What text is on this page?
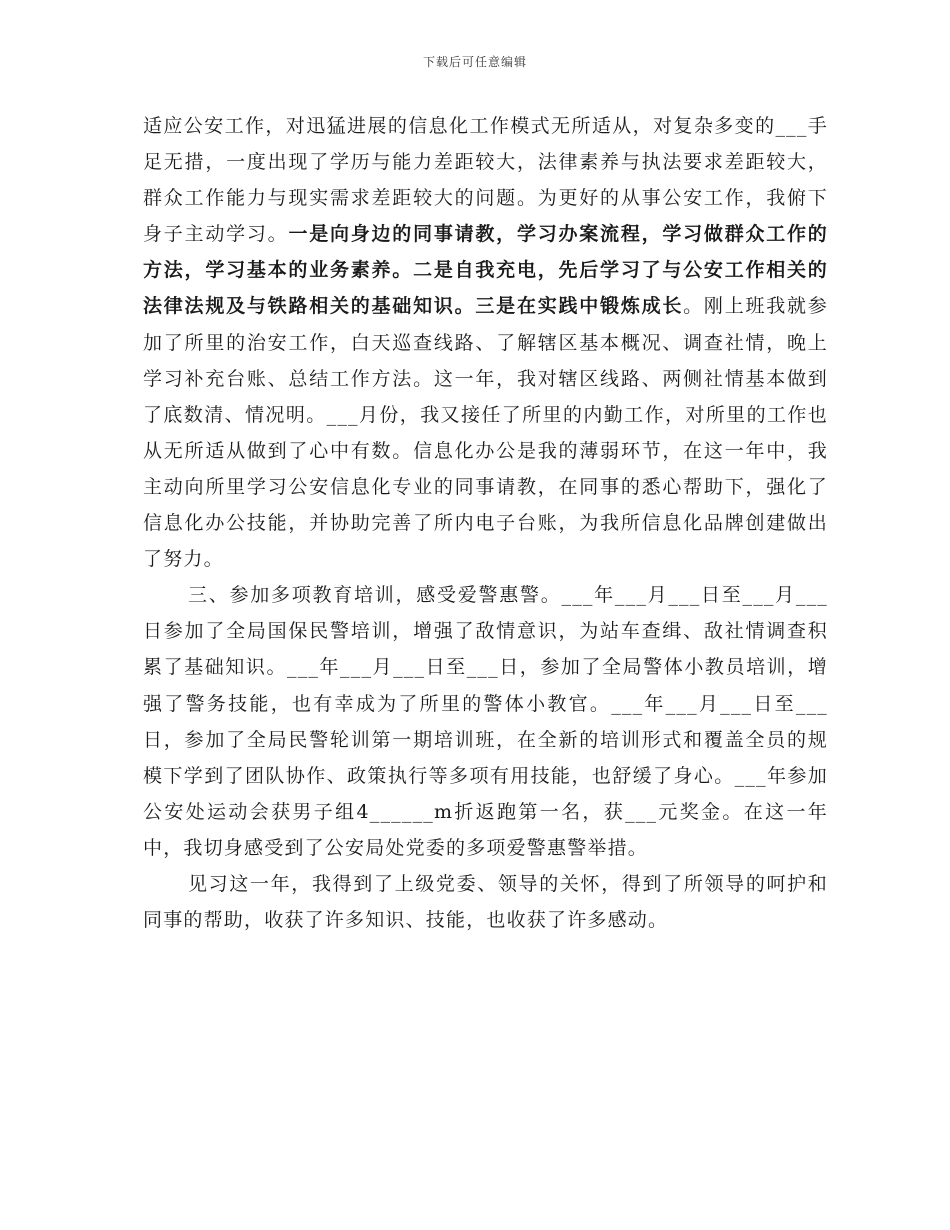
下载后可任意编辑

适应公安工作，对迅猛进展的信息化工作模式无所适从，对复杂多变的___手足无措，一度出现了学历与能力差距较大，法律素养与执法要求差距较大，群众工作能力与现实需求差距较大的问题。为更好的从事公安工作，我俯下身子主动学习。一是向身边的同事请教，学习办案流程，学习做群众工作的方法，学习基本的业务素养。二是自我充电，先后学习了与公安工作相关的法律法规及与铁路相关的基础知识。三是在实践中锻炼成长。刚上班我就参加了所里的治安工作，白天巡查线路、了解辖区基本概况、调查社情，晚上学习补充台账、总结工作方法。这一年，我对辖区线路、两侧社情基本做到了底数清、情况明。___月份，我又接任了所里的内勤工作，对所里的工作也从无所适从做到了心中有数。信息化办公是我的薄弱环节，在这一年中，我主动向所里学习公安信息化专业的同事请教，在同事的悉心帮助下，强化了信息化办公技能，并协助完善了所内电子台账，为我所信息化品牌创建做出了努力。

三、参加多项教育培训，感受爱警惠警。___年___月___日至___月___日参加了全局国保民警培训，增强了敌情意识，为站车查缉、敌社情调查积累了基础知识。___年___月___日至___日，参加了全局警体小教员培训，增强了警务技能，也有幸成为了所里的警体小教官。___年___月___日至___日，参加了全局民警轮训第一期培训班，在全新的培训形式和覆盖全员的规模下学到了团队协作、政策执行等多项有用技能，也舒缓了身心。___年参加公安处运动会获男子组4______m折返跑第一名，获___元奖金。在这一年中，我切身感受到了公安局处党委的多项爱警惠警举措。

见习这一年，我得到了上级党委、领导的关怀，得到了所领导的呵护和同事的帮助，收获了许多知识、技能，也收获了许多感动。
